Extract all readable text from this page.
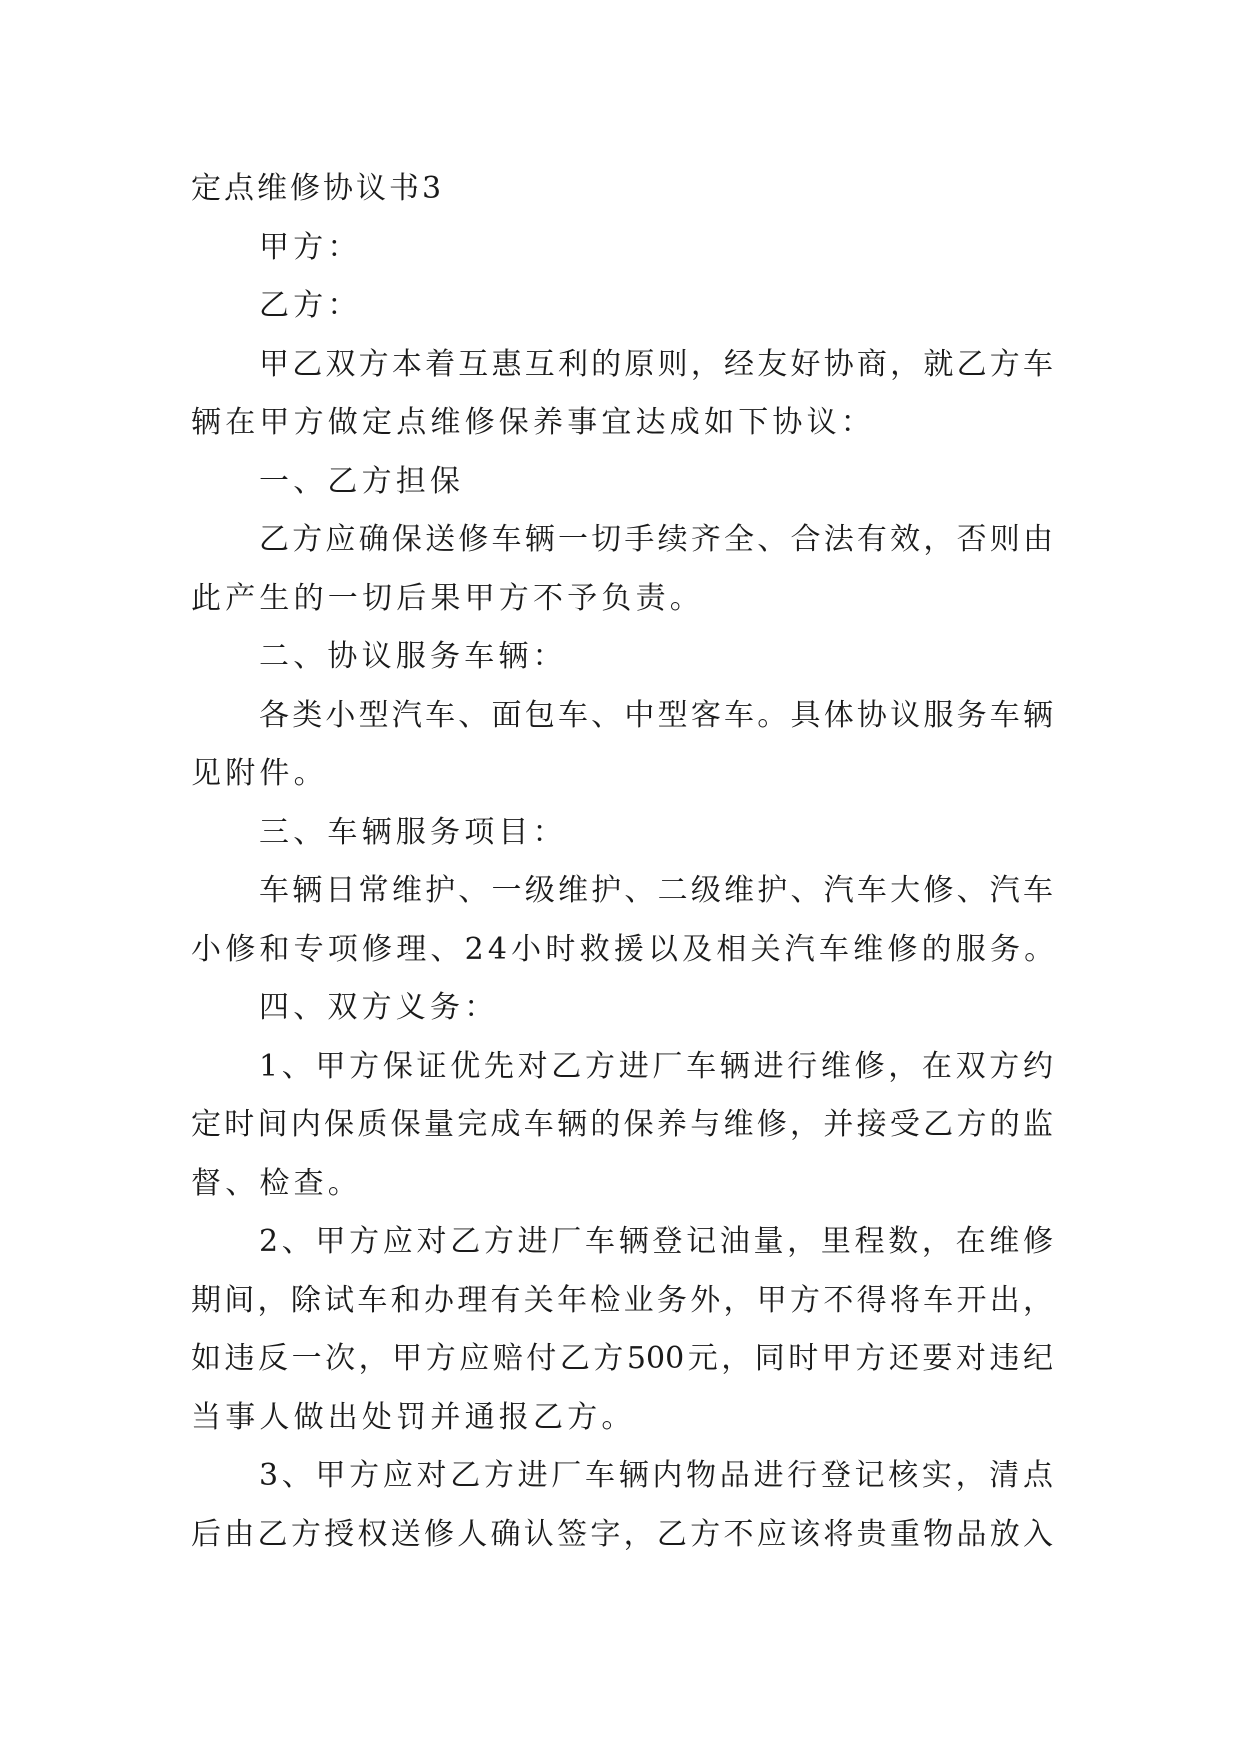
定点维修协议书3

甲方：

乙方：

甲乙双方本着互惠互利的原则，经友好协商，就乙方车

辆在甲方做定点维修保养事宜达成如下协议：

一、乙方担保

乙方应确保送修车辆一切手续齐全、合法有效，否则由

此产生的一切后果甲方不予负责。

二、协议服务车辆：

各类小型汽车、面包车、中型客车。具体协议服务车辆

见附件。

三、车辆服务项目：

车辆日常维护、一级维护、二级维护、汽车大修、汽车

小修和专项修理、24小时救援以及相关汽车维修的服务。

四、双方义务：

1、甲方保证优先对乙方进厂车辆进行维修，在双方约

定时间内保质保量完成车辆的保养与维修，并接受乙方的监

督、检查。

2、甲方应对乙方进厂车辆登记油量，里程数，在维修

期间，除试车和办理有关年检业务外，甲方不得将车开出，

如违反一次，甲方应赔付乙方500元，同时甲方还要对违纪

当事人做出处罚并通报乙方。

3、甲方应对乙方进厂车辆内物品进行登记核实，清点

后由乙方授权送修人确认签字，乙方不应该将贵重物品放入
